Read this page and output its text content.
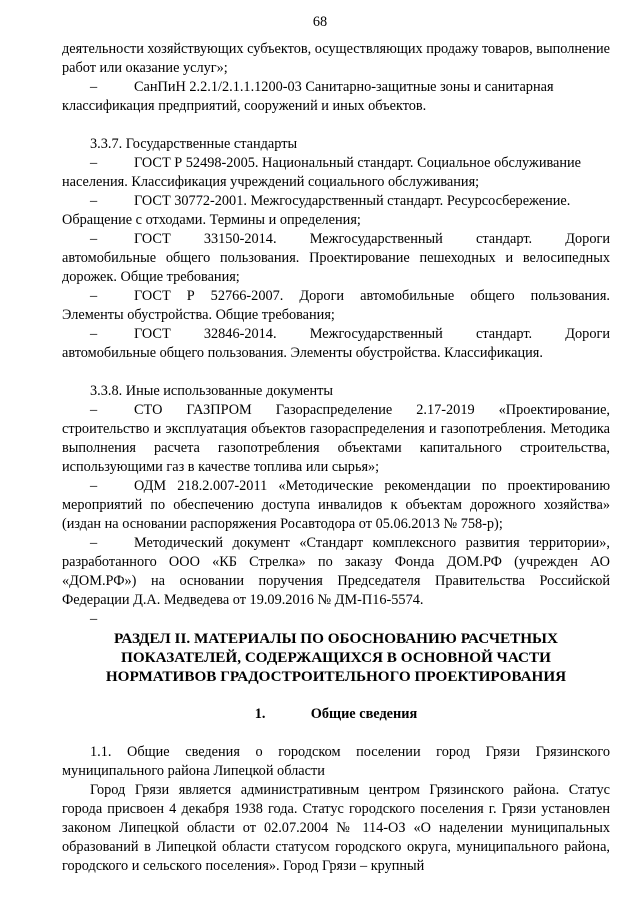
68

деятельности хозяйствующих субъектов, осуществляющих продажу товаров, выполнение работ или оказание услуг»;

–	СанПиН 2.2.1/2.1.1.1200-03 Санитарно-защитные зоны и санитарная

классификация предприятий, сооружений и иных объектов.

3.3.7. Государственные стандарты

–	ГОСТ Р 52498-2005. Национальный стандарт. Социальное обслуживание

населения. Классификация учреждений социального обслуживания;

–	ГОСТ 30772-2001. Межгосударственный стандарт. Ресурсосбережение.

Обращение с отходами. Термины и определения;

–	ГОСТ 33150-2014. Межгосударственный стандарт. Дороги

автомобильные общего пользования. Проектирование пешеходных и велосипедных дорожек. Общие требования;

–	ГОСТ Р 52766-2007. Дороги автомобильные общего пользования.

Элементы обустройства. Общие требования;

–	ГОСТ 32846-2014. Межгосударственный стандарт. Дороги

автомобильные общего пользования. Элементы обустройства. Классификация.

3.3.8. Иные использованные документы

–	СТО ГАЗПРОМ Газораспределение 2.17-2019 «Проектирование,

строительство и эксплуатация объектов газораспределения и газопотребления. Методика выполнения расчета газопотребления объектами капитального строительства, использующими газ в качестве топлива или сырья»;

–	ОДМ 218.2.007-2011 «Методические рекомендации по проектированию

мероприятий по обеспечению доступа инвалидов к объектам дорожного хозяйства» (издан на основании распоряжения Росавтодора от 05.06.2013 № 758-р);

–	Методический документ «Стандарт комплексного развития территории»,

разработанного ООО «КБ Стрелка» по заказу Фонда ДОМ.РФ (учрежден АО «ДОМ.РФ») на основании поручения Председателя Правительства Российской Федерации Д.А. Медведева от 19.09.2016 № ДМ-П16-5574.

–

РАЗДЕЛ II. МАТЕРИАЛЫ ПО ОБОСНОВАНИЮ РАСЧЕТНЫХ ПОКАЗАТЕЛЕЙ, СОДЕРЖАЩИХСЯ В ОСНОВНОЙ ЧАСТИ НОРМАТИВОВ ГРАДОСТРОИТЕЛЬНОГО ПРОЕКТИРОВАНИЯ

1.	Общие сведения

1.1. Общие сведения о городском поселении город Грязи Грязинского муниципального района Липецкой области

Город Грязи является административным центром Грязинского района. Статус города присвоен 4 декабря 1938 года. Статус городского поселения г. Грязи установлен законом Липецкой области от 02.07.2004 № 114-ОЗ «О наделении муниципальных образований в Липецкой области статусом городского округа, муниципального района, городского и сельского поселения». Город Грязи – крупный
